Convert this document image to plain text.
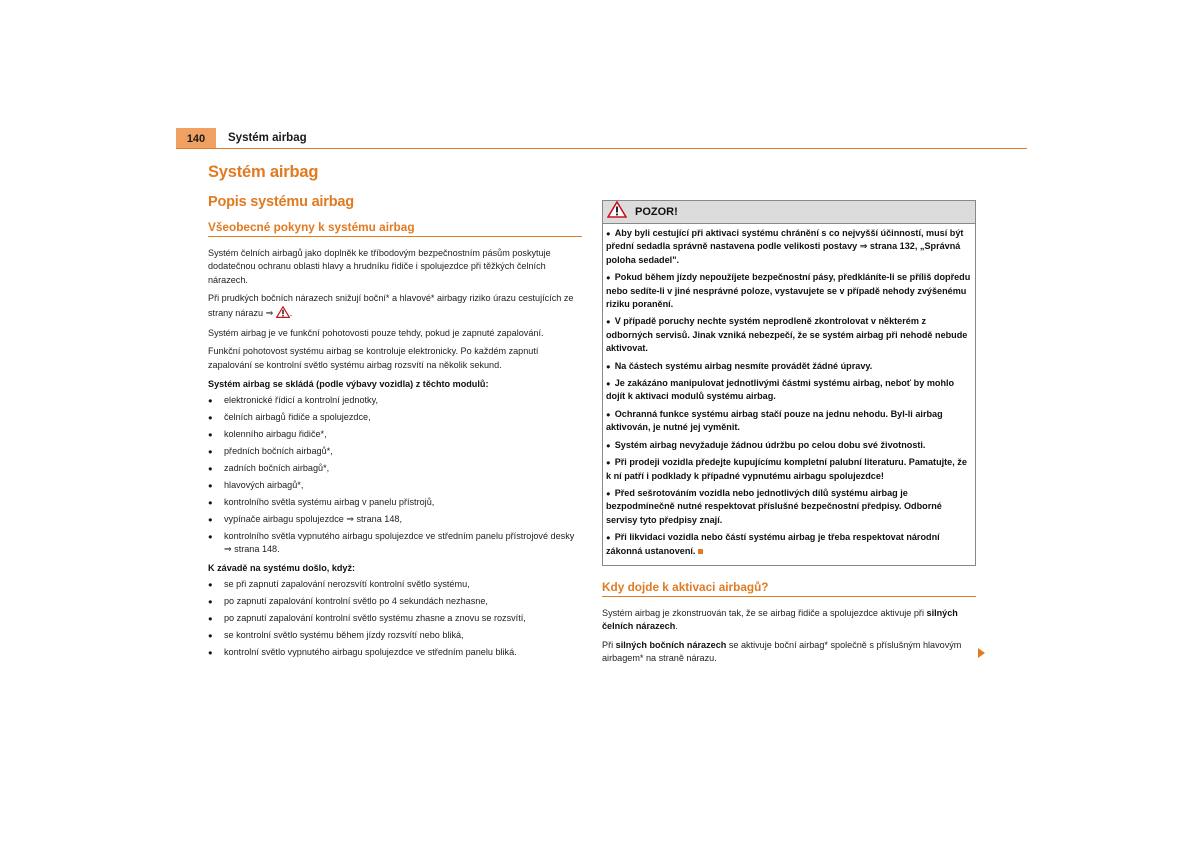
140	Systém airbag
Systém airbag
Popis systému airbag
Všeobecné pokyny k systému airbag

Systém čelních airbagů jako doplněk ke tříbodovým bezpečnostním pásům poskytuje dodatečnou ochranu oblasti hlavy a hrudníku řidiče i spolujezdce při těžkých čelních nárazech.

Při prudkých bočních nárazech snižují boční* a hlavové* airbagy riziko úrazu cestujících ze strany nárazu ⇒ .

Systém airbag je ve funkční pohotovosti pouze tehdy, pokud je zapnuté zapalování.

Funkční pohotovost systému airbag se kontroluje elektronicky. Po každém zapnutí zapalování se kontrolní světlo systému airbag rozsvítí na několik sekund.

Systém airbag se skládá (podle výbavy vozidla) z těchto modulů:
● elektronické řídicí a kontrolní jednotky,
● čelních airbagů řidiče a spolujezdce,
● kolenního airbagu řidiče*,
● předních bočních airbagů*,
● zadních bočních airbagů*,
● hlavových airbagů*,
● kontrolního světla systému airbag v panelu přístrojů,
● vypínače airbagu spolujezdce ⇒ strana 148,
● kontrolního světla vypnutého airbagu spolujezdce ve středním panelu přístrojové desky ⇒ strana 148.
K závadě na systému došlo, když:
● se při zapnutí zapalování nerozsvítí kontrolní světlo systému,
● po zapnutí zapalování kontrolní světlo po 4 sekundách nezhasne,
● po zapnutí zapalování kontrolní světlo systému zhasne a znovu se rozsvítí,
● se kontrolní světlo systému během jízdy rozsvítí nebo bliká,
● kontrolní světlo vypnutého airbagu spolujezdce ve středním panelu bliká.
POZOR!

●  Aby byli cestující při aktivaci systému chránění s co nejvyšší účinností, musí být přední sedadla správně nastavena podle velikosti postavy ⇒ strana 132, „Správná poloha sedadel".

●  Pokud během jízdy nepoužíjete bezpečnostní pásy, předkláníte-li se příliš dopředu nebo sedíte-li v jiné nesprávné poloze, vystavujete se v případě nehody zvýšenému riziku poranění.

●  V případě poruchy nechte systém neprodleně zkontrolovat v některém z odborných servisů. Jinak vzniká nebezpečí, že se systém airbag při nehodě nebude aktivovat.

●  Na částech systému airbag nesmíte provádět žádné úpravy.

●  Je zakázáno manipulovat jednotlivými částmi systému airbag, neboť by mohlo dojít k aktivaci modulů systému airbag.

●  Ochranná funkce systému airbag stačí pouze na jednu nehodu. Byl-li airbag aktivován, je nutné jej vyměnit.

●  Systém airbag nevyžaduje žádnou údržbu po celou dobu své životnosti.

●  Při prodeji vozidla předejte kupujícímu kompletní palubní literaturu. Pamatujte, že k ní patří i podklady k případné vypnutému airbagu spolujezdce!

●  Před sešrotováním vozidla nebo jednotlivých dílů systému airbag je bezpodmínečně nutné respektovat příslušné bezpečnostní předpisy. Odborné servisy tyto předpisy znají.

●  Při likvidaci vozidla nebo částí systému airbag je třeba respektovat národní zákonná ustanovení.

Kdy dojde k aktivaci airbagů?

Systém airbag je zkonstruován tak, že se airbag řidiče a spolujezdce aktivuje při silných čelních nárazech.

Při silných bočních nárazech se aktivuje boční airbag* společně s příslušným hlavovým airbagem* na straně nárazu.
